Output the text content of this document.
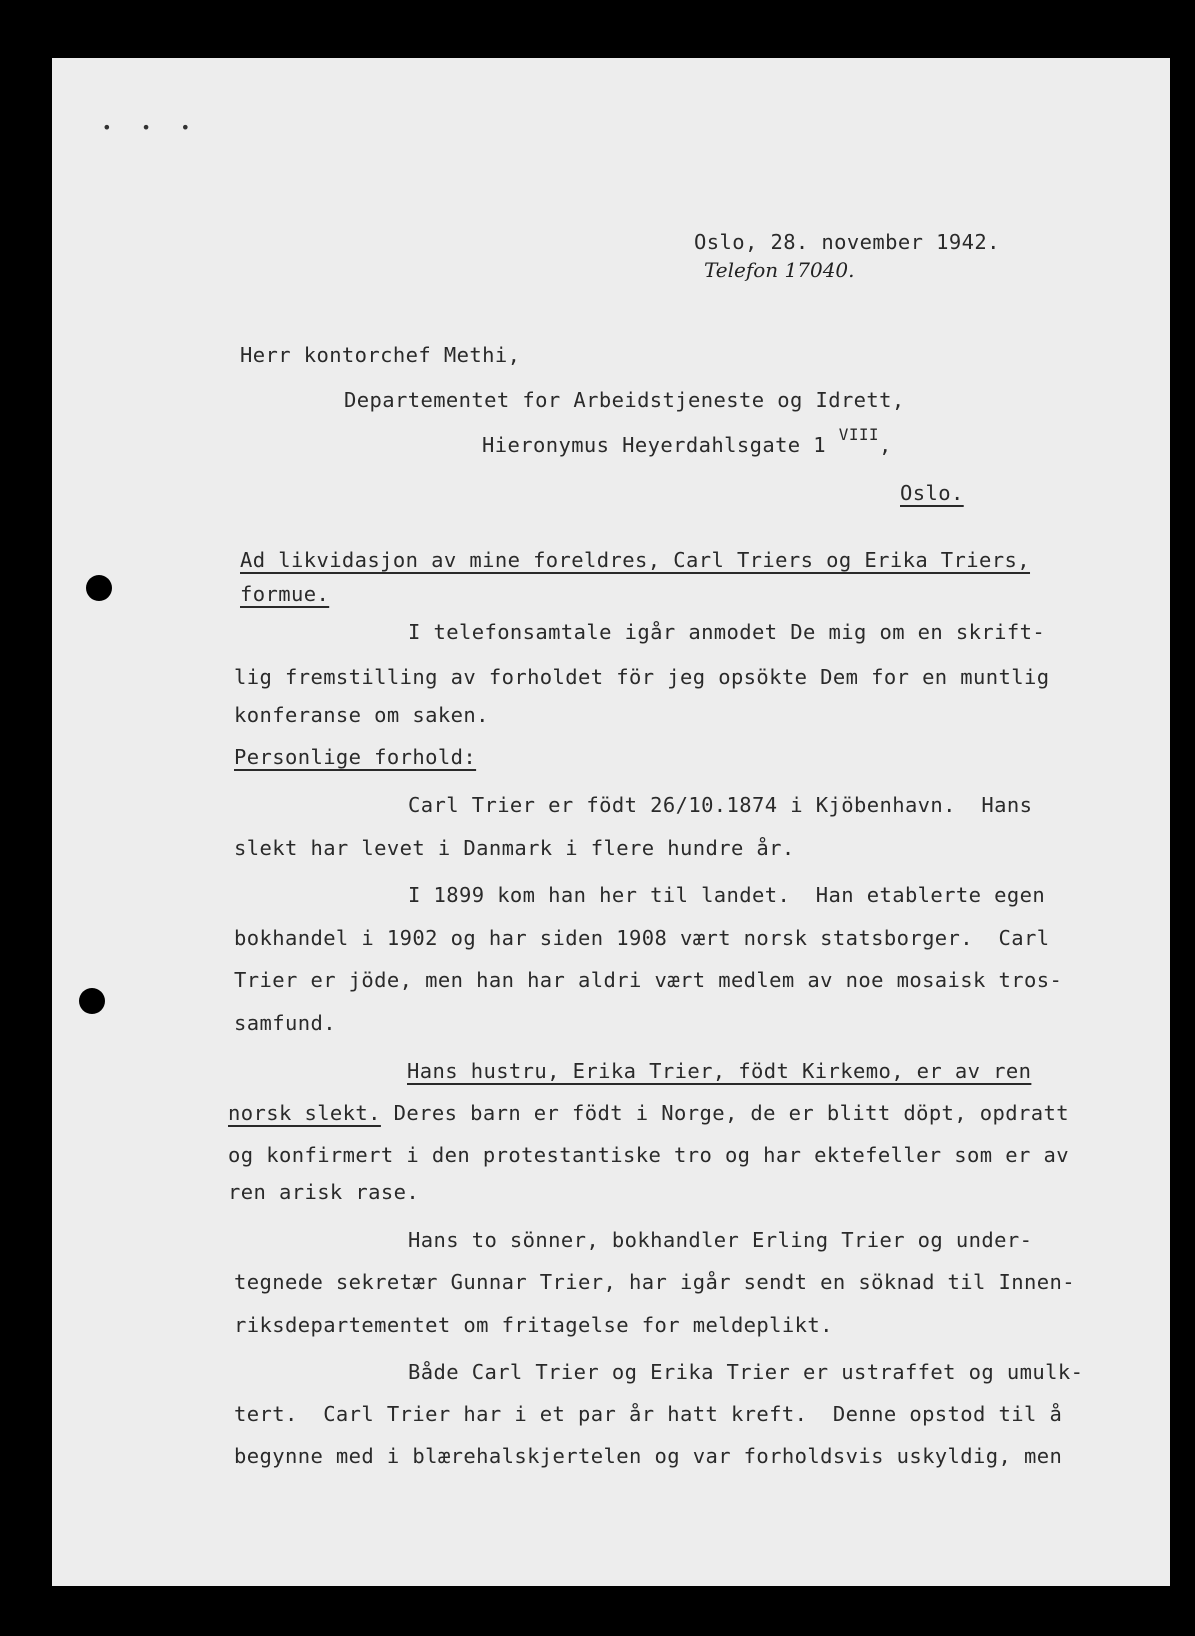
• • •
Oslo, 28. november 1942.
Telefon 17040.
Herr kontorchef Methi,
Departementet for Arbeidstjeneste og Idrett,
Hieronymus Heyerdahlsgate 1 $^{VIII}$,
Oslo.
Ad likvidasjon av mine foreldres, Carl Triers og Erika Triers,
formue.
I telefonsamtale igår anmodet De mig om en skrift-
lig fremstilling av forholdet för jeg opsökte Dem for en muntlig
konferanse om saken.
Personlige forhold:
Carl Trier er födt 26/10.1874 i Kjöbenhavn.  Hans
slekt har levet i Danmark i flere hundre år.
I 1899 kom han her til landet.  Han etablerte egen
bokhandel i 1902 og har siden 1908 vært norsk statsborger.  Carl
Trier er jöde, men han har aldri vært medlem av noe mosaisk tros-
samfund.
Hans hustru, Erika Trier, födt Kirkemo, er av ren
norsk slekt. Deres barn er födt i Norge, de er blitt döpt, opdratt
og konfirmert i den protestantiske tro og har ektefeller som er av
ren arisk rase.
Hans to sönner, bokhandler Erling Trier og under-
tegnede sekretær Gunnar Trier, har igår sendt en söknad til Innen-
riksdepartementet om fritagelse for meldeplikt.
Både Carl Trier og Erika Trier er ustraffet og umulk-
tert.  Carl Trier har i et par år hatt kreft.  Denne opstod til å
begynne med i blærehalskjertelen og var forholdsvis uskyldig, men
